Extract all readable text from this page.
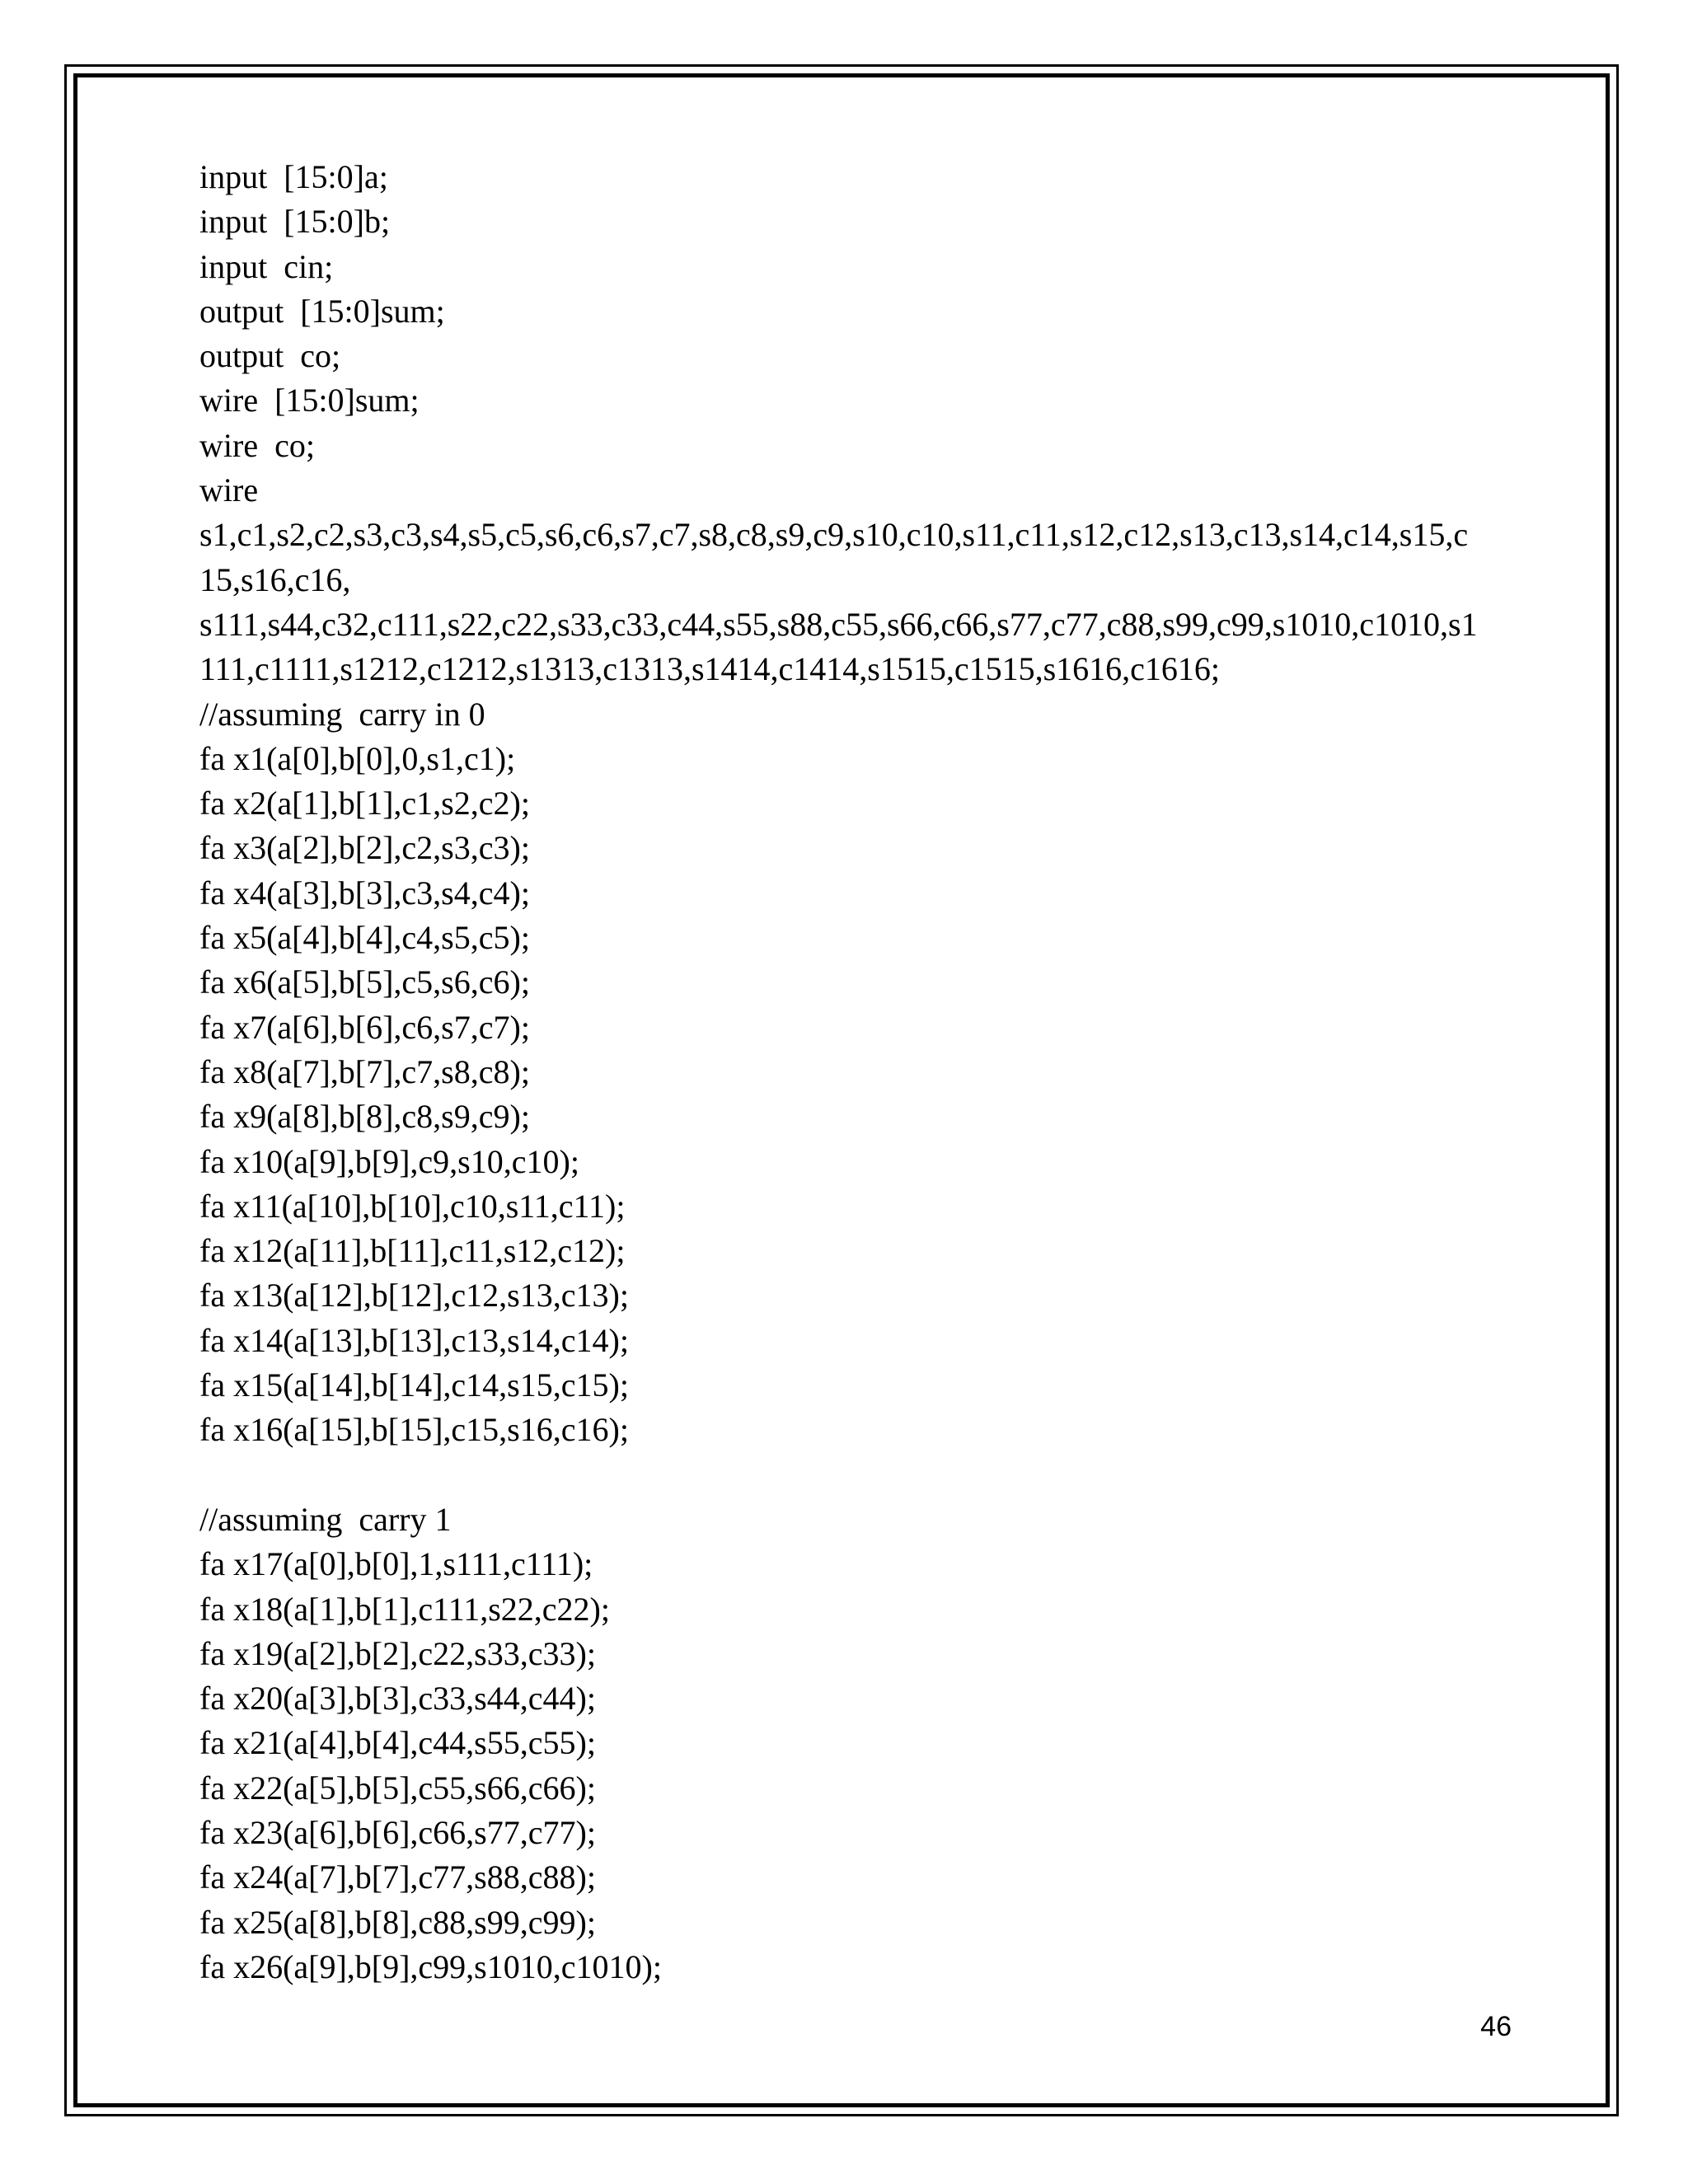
input  [15:0]a;
input  [15:0]b;
input  cin;
output  [15:0]sum;
output  co;
wire  [15:0]sum;
wire  co;
wire
s1,c1,s2,c2,s3,c3,s4,s5,c5,s6,c6,s7,c7,s8,c8,s9,c9,s10,c10,s11,c11,s12,c12,s13,c13,s14,c14,s15,c
15,s16,c16,
s111,s44,c32,c111,s22,c22,s33,c33,c44,s55,s88,c55,s66,c66,s77,c77,c88,s99,c99,s1010,c1010,s1
111,c1111,s1212,c1212,s1313,c1313,s1414,c1414,s1515,c1515,s1616,c1616;
//assuming  carry in 0
fa x1(a[0],b[0],0,s1,c1);
fa x2(a[1],b[1],c1,s2,c2);
fa x3(a[2],b[2],c2,s3,c3);
fa x4(a[3],b[3],c3,s4,c4);
fa x5(a[4],b[4],c4,s5,c5);
fa x6(a[5],b[5],c5,s6,c6);
fa x7(a[6],b[6],c6,s7,c7);
fa x8(a[7],b[7],c7,s8,c8);
fa x9(a[8],b[8],c8,s9,c9);
fa x10(a[9],b[9],c9,s10,c10);
fa x11(a[10],b[10],c10,s11,c11);
fa x12(a[11],b[11],c11,s12,c12);
fa x13(a[12],b[12],c12,s13,c13);
fa x14(a[13],b[13],c13,s14,c14);
fa x15(a[14],b[14],c14,s15,c15);
fa x16(a[15],b[15],c15,s16,c16);
//assuming  carry 1
fa x17(a[0],b[0],1,s111,c111);
fa x18(a[1],b[1],c111,s22,c22);
fa x19(a[2],b[2],c22,s33,c33);
fa x20(a[3],b[3],c33,s44,c44);
fa x21(a[4],b[4],c44,s55,c55);
fa x22(a[5],b[5],c55,s66,c66);
fa x23(a[6],b[6],c66,s77,c77);
fa x24(a[7],b[7],c77,s88,c88);
fa x25(a[8],b[8],c88,s99,c99);
fa x26(a[9],b[9],c99,s1010,c1010);
46
